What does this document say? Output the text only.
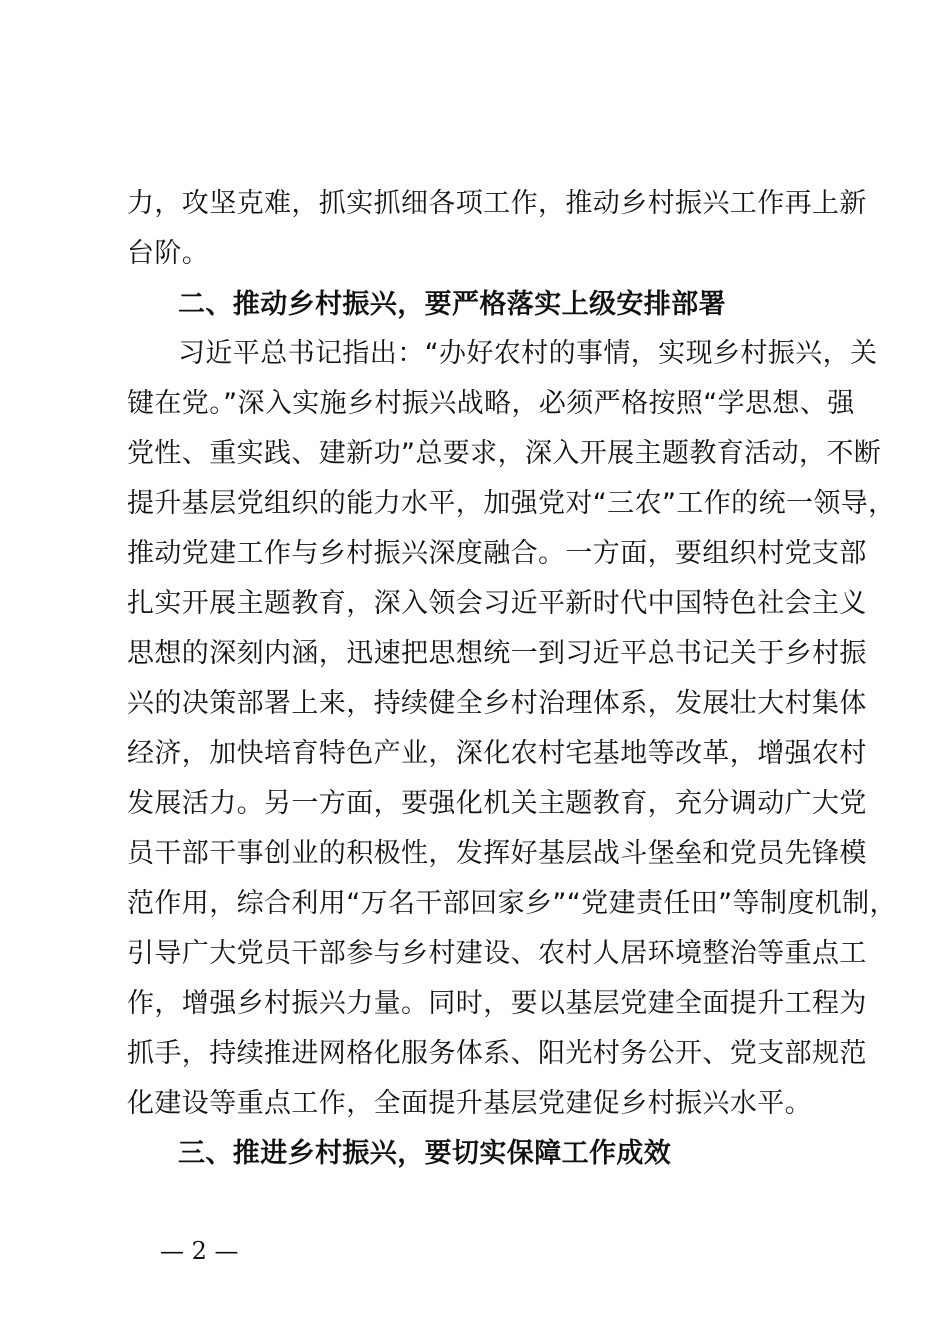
力，攻坚克难，抓实抓细各项工作，推动乡村振兴工作再上新
台阶。
二、推动乡村振兴，要严格落实上级安排部署
习近平总书记指出：“办好农村的事情，实现乡村振兴，关
键在党。”深入实施乡村振兴战略，必须严格按照“学思想、强
党性、重实践、建新功”总要求，深入开展主题教育活动，不断
提升基层党组织的能力水平，加强党对“三农”工作的统一领导，
推动党建工作与乡村振兴深度融合。一方面，要组织村党支部
扎实开展主题教育，深入领会习近平新时代中国特色社会主义
思想的深刻内涵，迅速把思想统一到习近平总书记关于乡村振
兴的决策部署上来，持续健全乡村治理体系，发展壮大村集体
经济，加快培育特色产业，深化农村宅基地等改革，增强农村
发展活力。另一方面，要强化机关主题教育，充分调动广大党
员干部干事创业的积极性，发挥好基层战斗堡垒和党员先锋模
范作用，综合利用“万名干部回家乡”“党建责任田”等制度机制，
引导广大党员干部参与乡村建设、农村人居环境整治等重点工
作，增强乡村振兴力量。同时，要以基层党建全面提升工程为
抓手，持续推进网格化服务体系、阳光村务公开、党支部规范
化建设等重点工作，全面提升基层党建促乡村振兴水平。
三、推进乡村振兴，要切实保障工作成效
— 2 —
